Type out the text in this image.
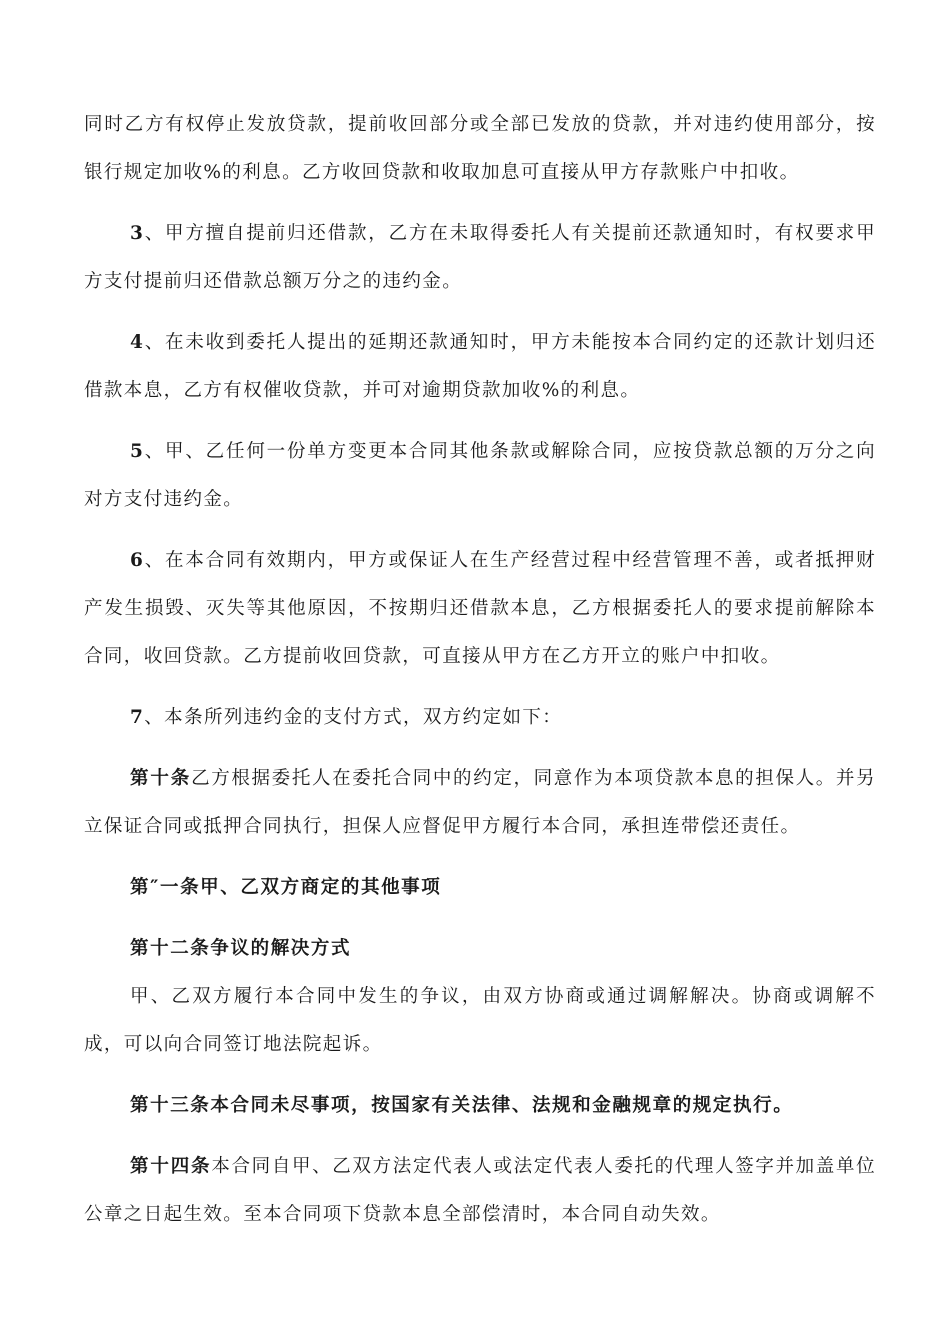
同时乙方有权停止发放贷款，提前收回部分或全部已发放的贷款，并对违约使用部分，按银行规定加收%的利息。乙方收回贷款和收取加息可直接从甲方存款账户中扣收。

3、甲方擅自提前归还借款，乙方在未取得委托人有关提前还款通知时，有权要求甲方支付提前归还借款总额万分之的违约金。

4、在未收到委托人提出的延期还款通知时，甲方未能按本合同约定的还款计划归还借款本息，乙方有权催收贷款，并可对逾期贷款加收%的利息。

5、甲、乙任何一份单方变更本合同其他条款或解除合同，应按贷款总额的万分之向对方支付违约金。

6、在本合同有效期内，甲方或保证人在生产经营过程中经营管理不善，或者抵押财产发生损毁、灭失等其他原因，不按期归还借款本息，乙方根据委托人的要求提前解除本合同，收回贷款。乙方提前收回贷款，可直接从甲方在乙方开立的账户中扣收。

7、本条所列违约金的支付方式，双方约定如下：

第十条乙方根据委托人在委托合同中的约定，同意作为本项贷款本息的担保人。并另立保证合同或抵押合同执行，担保人应督促甲方履行本合同，承担连带偿还责任。

第″一条甲、乙双方商定的其他事项

第十二条争议的解决方式

甲、乙双方履行本合同中发生的争议，由双方协商或通过调解解决。协商或调解不成，可以向合同签订地法院起诉。

第十三条本合同未尽事项，按国家有关法律、法规和金融规章的规定执行。

第十四条本合同自甲、乙双方法定代表人或法定代表人委托的代理人签字并加盖单位公章之日起生效。至本合同项下贷款本息全部偿清时，本合同自动失效。
